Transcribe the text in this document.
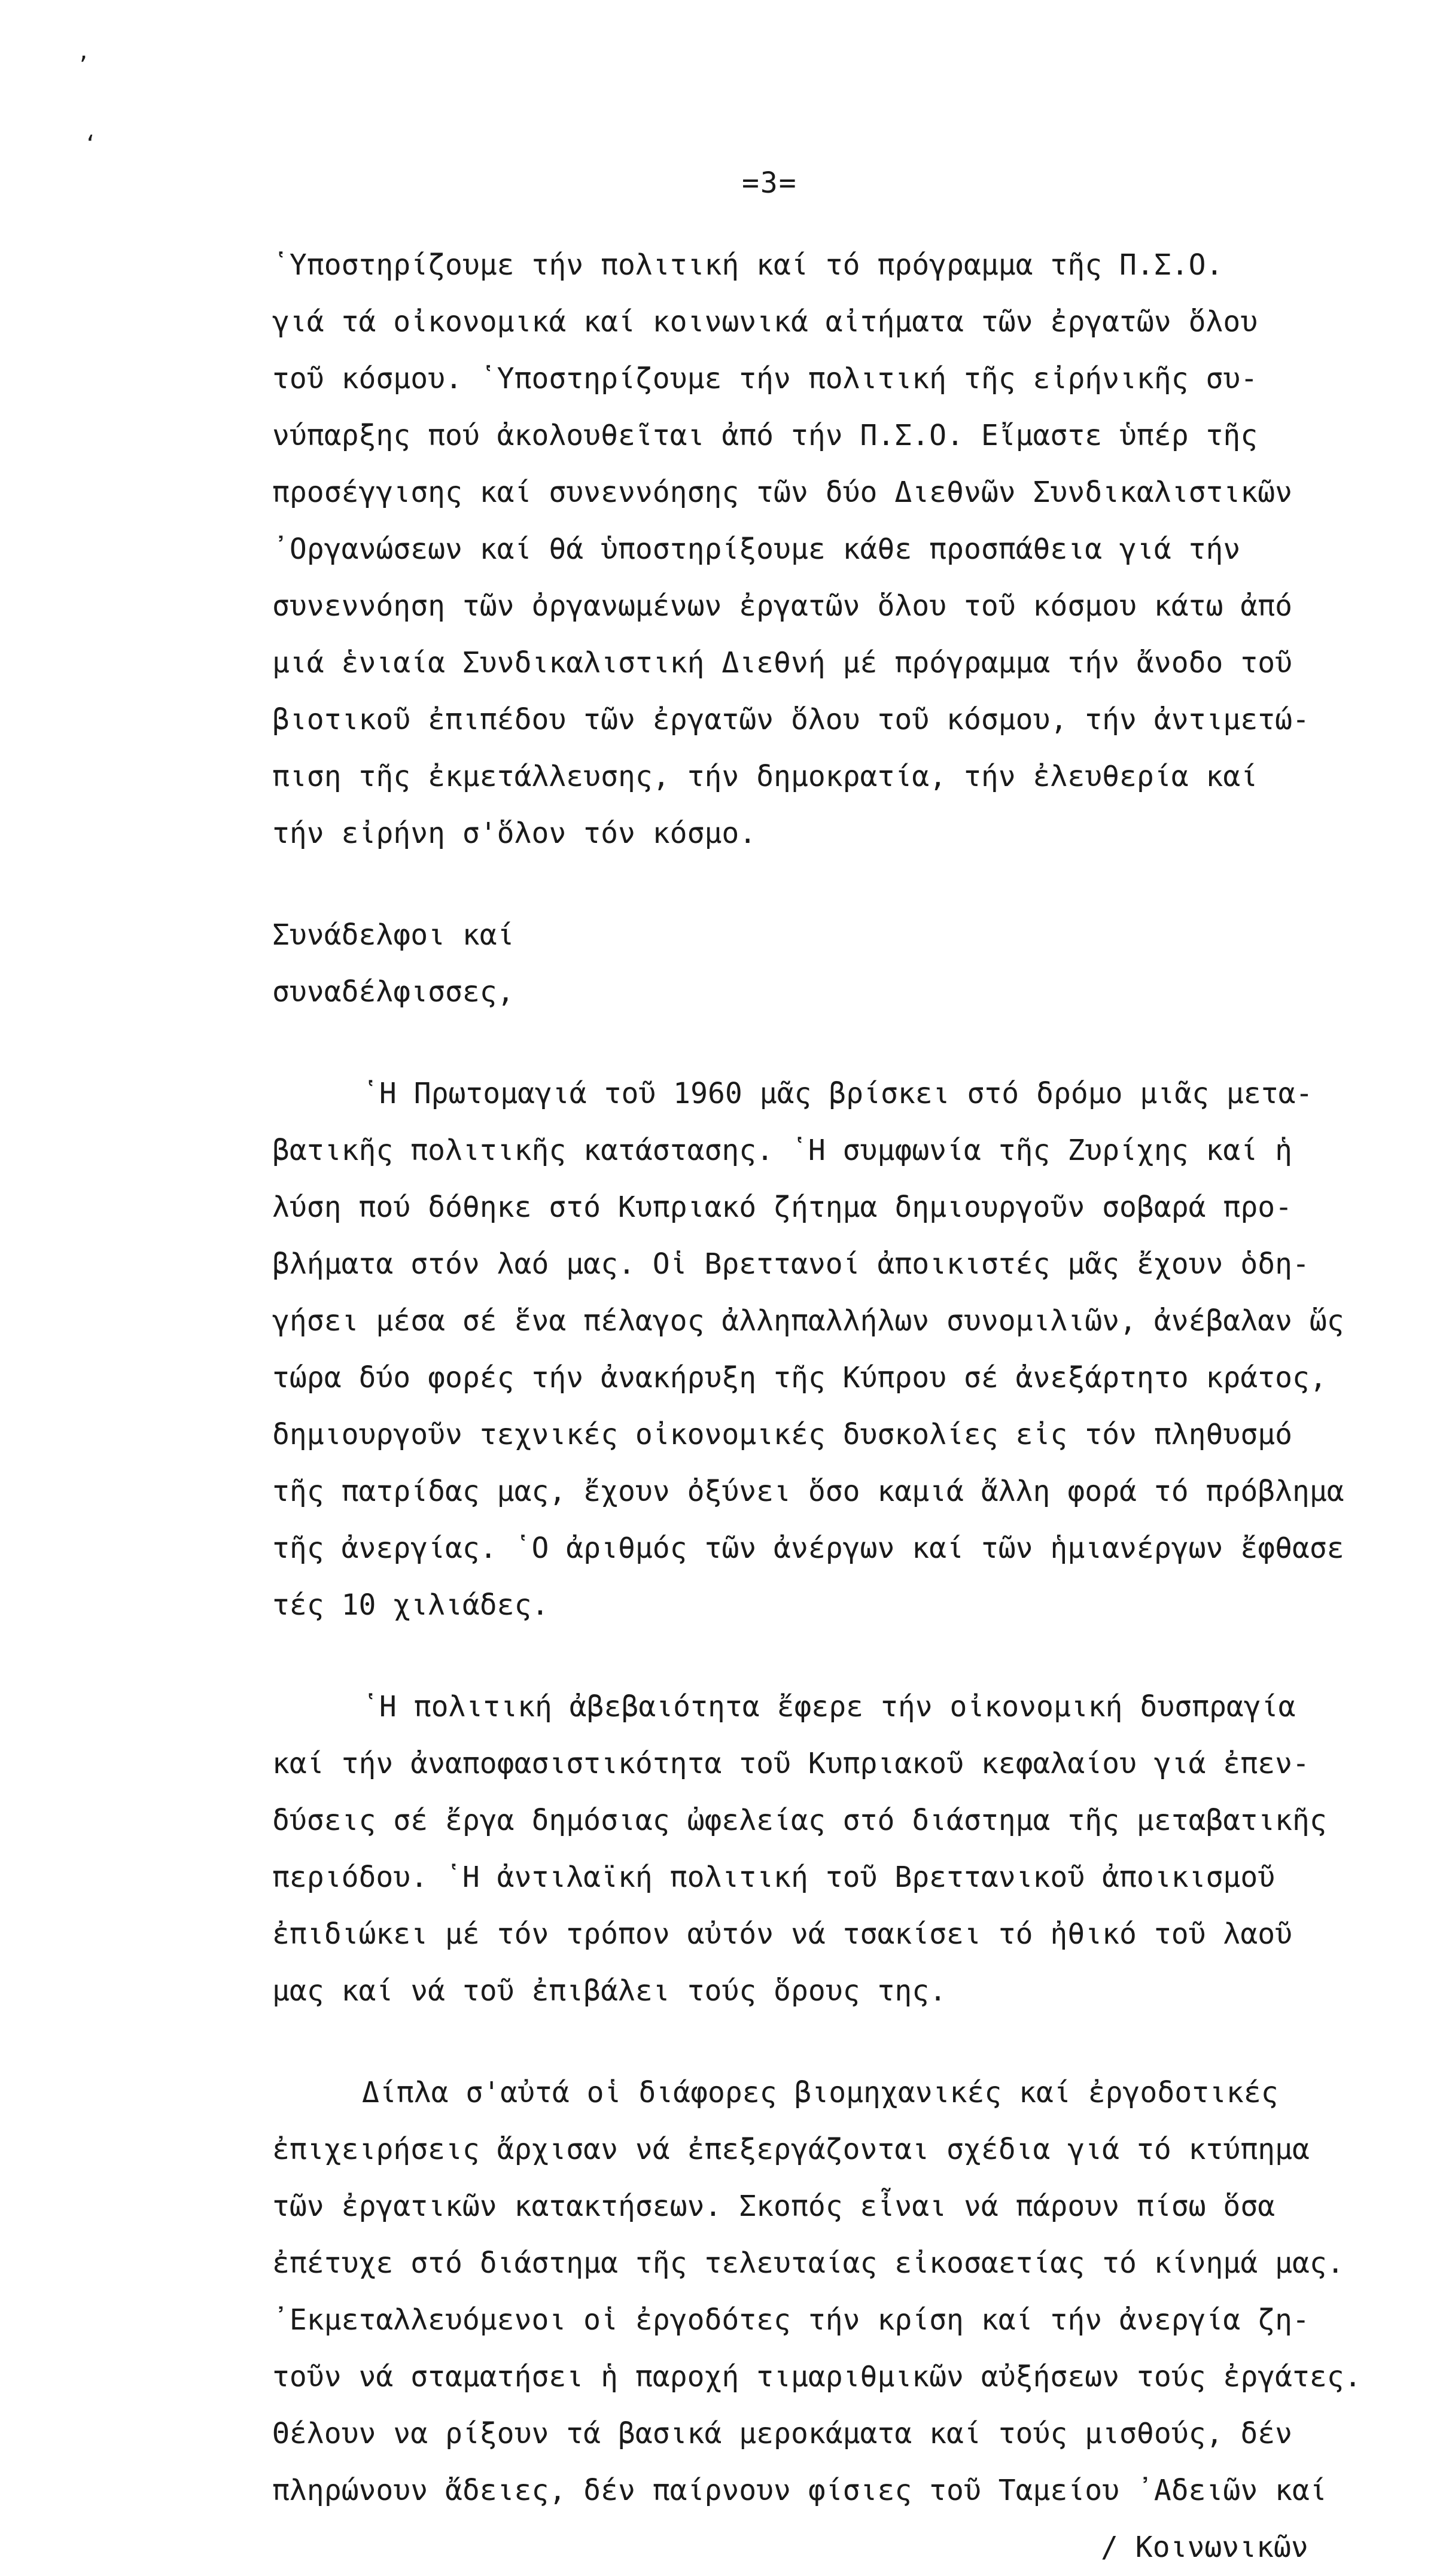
’
‘
=3=
῾Υποστηρίζουμε τήν πολιτική καί τό πρόγραμμα τῆς Π.Σ.Ο.
γιά τά οἰκονομικά καί κοινωνικά αἰτήματα τῶν ἐργατῶν ὅλου
τοῦ κόσμου. ῾Υποστηρίζουμε τήν πολιτική τῆς εἰρήνικῆς συ-
νύπαρξης πού ἀκολουθεῖται ἀπό τήν Π.Σ.Ο. Εἴμαστε ὑπέρ τῆς
προσέγγισης καί συνεννόησης τῶν δύο Διεθνῶν Συνδικαλιστικῶν
᾿Οργανώσεων καί θά ὑποστηρίξουμε κάθε προσπάθεια γιά τήν
συνεννόηση τῶν ὀργανωμένων ἐργατῶν ὅλου τοῦ κόσμου κάτω ἀπό
μιά ἑνιαία Συνδικαλιστική Διεθνή μέ πρόγραμμα τήν ἄνοδο τοῦ
βιοτικοῦ ἐπιπέδου τῶν ἐργατῶν ὅλου τοῦ κόσμου, τήν ἀντιμετώ-
πιση τῆς ἐκμετάλλευσης, τήν δημοκρατία, τήν ἐλευθερία καί
τήν εἰρήνη σ'ὅλον τόν κόσμο.
Συνάδελφοι καί
συναδέλφισσες,
῾Η Πρωτομαγιά τοῦ 1960 μᾶς βρίσκει στό δρόμο μιᾶς μετα-
βατικῆς πολιτικῆς κατάστασης. ῾Η συμφωνία τῆς Ζυρίχης καί ἡ
λύση πού δόθηκε στό Κυπριακό ζήτημα δημιουργοῦν σοβαρά προ-
βλήματα στόν λαό μας. Οἱ Βρεττανοί ἀποικιστές μᾶς ἔχουν ὁδη-
γήσει μέσα σέ ἕνα πέλαγος ἀλληπαλλήλων συνομιλιῶν, ἀνέβαλαν ὥς
τώρα δύο φορές τήν ἀνακήρυξη τῆς Κύπρου σέ ἀνεξάρτητο κράτος,
δημιουργοῦν τεχνικές οἰκονομικές δυσκολίες εἰς τόν πληθυσμό
τῆς πατρίδας μας, ἔχουν ὀξύνει ὅσο καμιά ἄλλη φορά τό πρόβλημα
τῆς ἀνεργίας. ῾Ο ἀριθμός τῶν ἀνέργων καί τῶν ἡμιανέργων ἔφθασε
τές 10 χιλιάδες.
῾Η πολιτική ἀβεβαιότητα ἔφερε τήν οἰκονομική δυσπραγία
καί τήν ἀναποφασιστικότητα τοῦ Κυπριακοῦ κεφαλαίου γιά ἐπεν-
δύσεις σέ ἔργα δημόσιας ὠφελείας στό διάστημα τῆς μεταβατικῆς
περιόδου. ῾Η ἀντιλαϊκή πολιτική τοῦ Βρεττανικοῦ ἀποικισμοῦ
ἐπιδιώκει μέ τόν τρόπον αὐτόν νά τσακίσει τό ἠθικό τοῦ λαοῦ
μας καί νά τοῦ ἐπιβάλει τούς ὅρους της.
Δίπλα σ'αὐτά οἱ διάφορες βιομηχανικές καί ἐργοδοτικές
ἐπιχειρήσεις ἄρχισαν νά ἐπεξεργάζονται σχέδια γιά τό κτύπημα
τῶν ἐργατικῶν κατακτήσεων. Σκοπός εἶναι νά πάρουν πίσω ὅσα
ἐπέτυχε στό διάστημα τῆς τελευταίας εἰκοσαετίας τό κίνημά μας.
᾿Εκμεταλλευόμενοι οἱ ἐργοδότες τήν κρίση καί τήν ἀνεργία ζη-
τοῦν νά σταματήσει ἡ παροχή τιμαριθμικῶν αὐξήσεων τούς ἐργάτες.
Θέλουν να ρίξουν τά βασικά μεροκάματα καί τούς μισθούς, δέν
πληρώνουν ἄδειες, δέν παίρνουν φίσιες τοῦ Ταμείου ᾿Αδειῶν καί
/ Κοινωνικῶν
